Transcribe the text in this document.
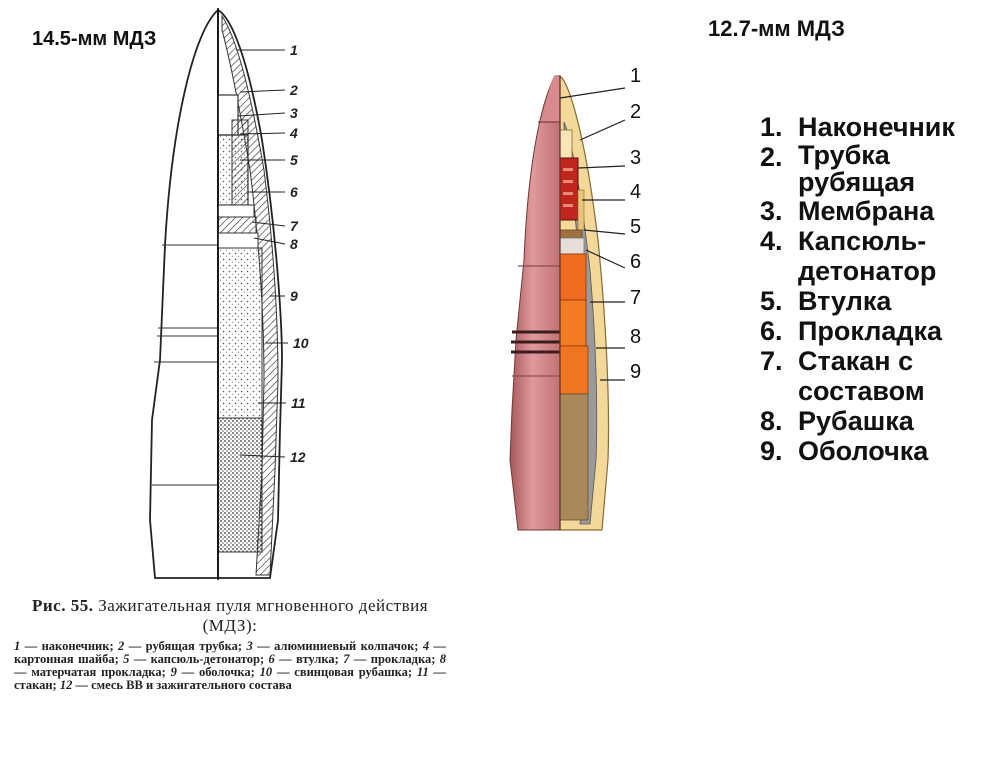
14.5-мм МДЗ	1
2
3
4
5
6
7
8
9
10
11
12
12.7-мм МДЗ
1
2
3
4
5
6
7
8
9
1. Наконечник
2. Трубка рубящая
3. Мембрана
4. Капсюль-детонатор
5. Втулка
6. Прокладка
7. Стакан с составом
8. Рубашка
9. Оболочка
Рис. 55. Зажигательная пуля мгновенного действия (МДЗ):
1 — наконечник; 2 — рубящая трубка; 3 — алюминиевый колпачок; 4 — картонная шайба; 5 — капсюль-детонатор; 6 — втулка; 7 — прокладка; 8 — матерчатая прокладка; 9 — оболочка; 10 — свинцовая рубашка; 11 — стакан; 12 — смесь ВВ и зажигательного состава
